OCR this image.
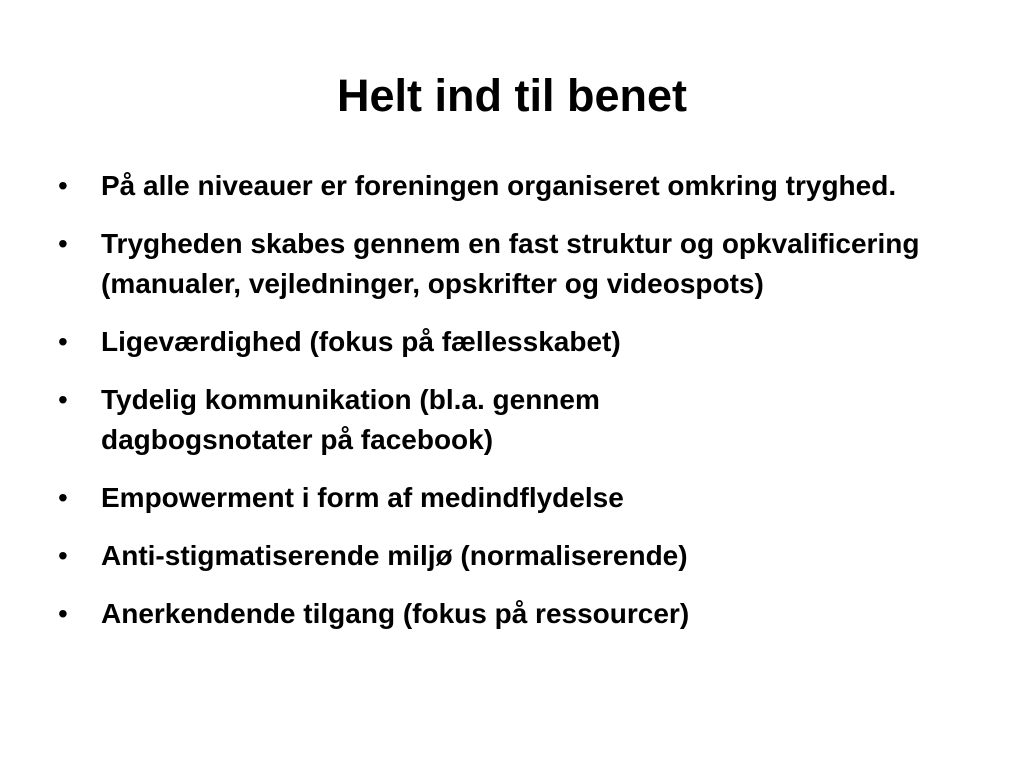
Helt ind til benet
•	På alle niveauer er foreningen organiseret omkring tryghed.
•	Trygheden skabes gennem en fast struktur og opkvalificering (manualer, vejledninger, opskrifter og videospots)
•	Ligeværdighed (fokus på fællesskabet)
•	Tydelig kommunikation (bl.a. gennem dagbogsnotater på facebook)
•	Empowerment i form af medindflydelse
•	Anti-stigmatiserende miljø (normaliserende)
•	Anerkendende tilgang (fokus på ressourcer)
